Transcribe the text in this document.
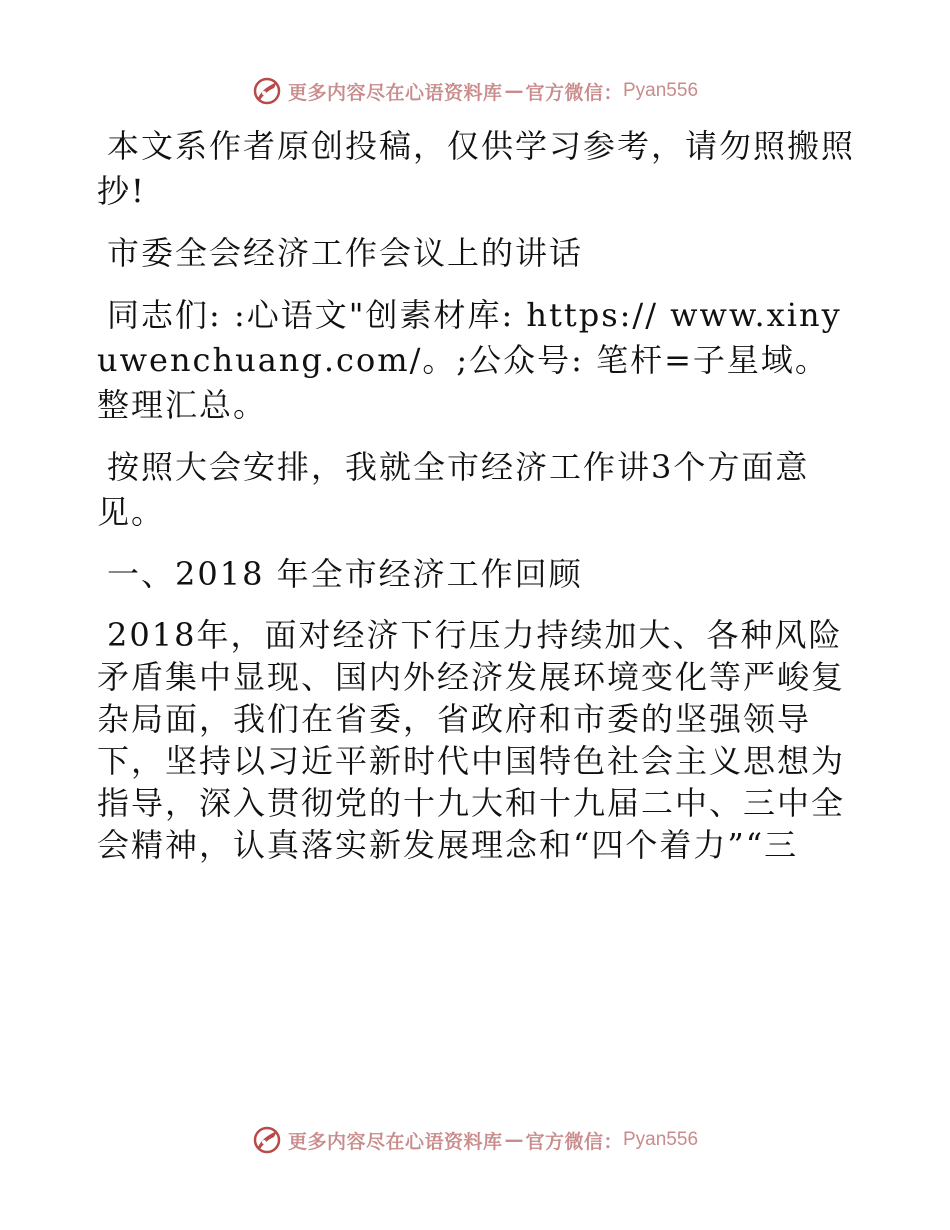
更多内容尽在心语资料库 — 官方微信： Pyan556

本文系作者原创投稿，仅供学习参考，请勿照搬照抄!

市委全会经济工作会议上的讲话

同志们: :心语文"创素材库: https:// www.xinyuwenchuang.com/。;公众号: 笔杆=子星域。整理汇总。

按照大会安排，我就全市经济工作讲3个方面意见。

一、2018 年全市经济工作回顾

2018年，面对经济下行压力持续加大、各种风险矛盾集中显现、国内外经济发展环境变化等严峻复杂局面，我们在省委，省政府和市委的坚强领导下，坚持以习近平新时代中国特色社会主义思想为指导，深入贯彻党的十九大和十九届二中、三中全会精神，认真落实新发展理念和“四个着力”“三

更多内容尽在心语资料库 — 官方微信： Pyan556
